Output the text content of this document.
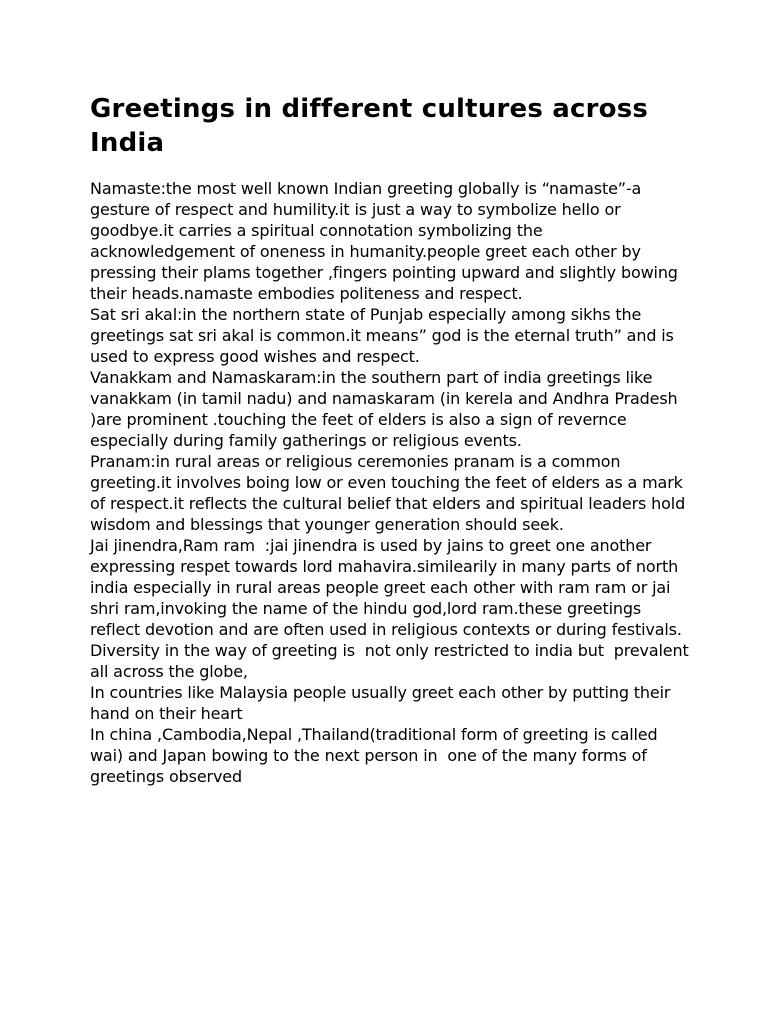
Greetings in different cultures across India

Namaste:the most well known Indian greeting globally is “namaste”-a gesture of respect and humility.it is just a way to symbolize hello or goodbye.it carries a spiritual connotation symbolizing the acknowledgement of oneness in humanity.people greet each other by pressing their plams together ,fingers pointing upward and slightly bowing their heads.namaste embodies politeness and respect.

Sat sri akal:in the northern state of Punjab especially among sikhs the greetings sat sri akal is common.it means” god is the eternal truth” and is used to express good wishes and respect.

Vanakkam and Namaskaram:in the southern part of india greetings like vanakkam (in tamil nadu) and namaskaram (in kerela and Andhra Pradesh )are prominent .touching the feet of elders is also a sign of revernce especially during family gatherings or religious events.

Pranam:in rural areas or religious ceremonies pranam is a common greeting.it involves boing low or even touching the feet of elders as a mark of respect.it reflects the cultural belief that elders and spiritual leaders hold wisdom and blessings that younger generation should seek.

Jai jinendra,Ram ram  :jai jinendra is used by jains to greet one another expressing respet towards lord mahavira.similearily in many parts of north india especially in rural areas people greet each other with ram ram or jai shri ram,invoking the name of the hindu god,lord ram.these greetings reflect devotion and are often used in religious contexts or during festivals.

Diversity in the way of greeting is  not only restricted to india but  prevalent all across the globe,

In countries like Malaysia people usually greet each other by putting their hand on their heart

In china ,Cambodia,Nepal ,Thailand(traditional form of greeting is called wai) and Japan bowing to the next person in  one of the many forms of greetings observed
